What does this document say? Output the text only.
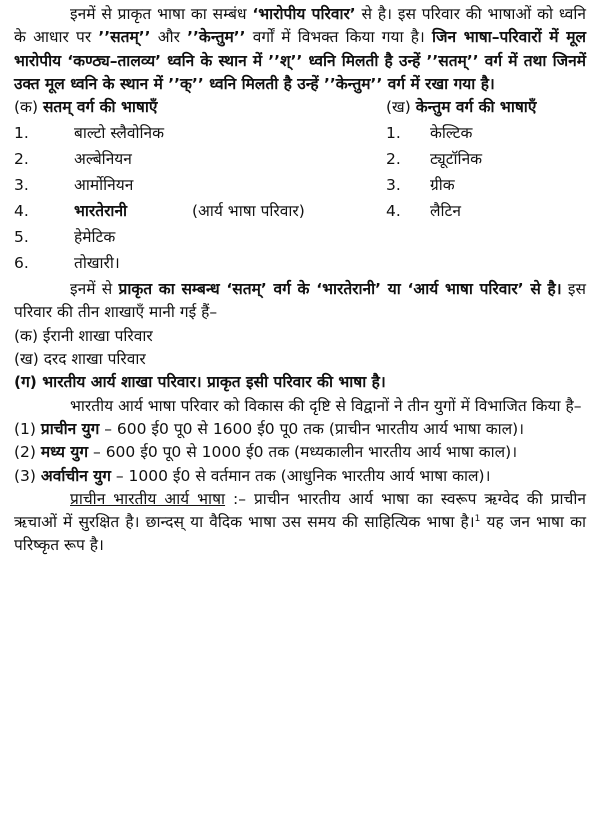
इनमें से प्राकृत भाषा का सम्बंध ‘भारोपीय परिवार’ से है। इस परिवार की भाषाओं को ध्वनि के आधार पर ’’सतम्’’ और ’’केन्तुम’’ वर्गों में विभक्त किया गया है। जिन भाषा–परिवारों में मूल भारोपीय ‘कण्ठ्य–तालव्य’ ध्वनि के स्थान में ’’श्’’ ध्वनि मिलती है उन्हें ’’सतम्’’ वर्ग में तथा जिनमें उक्त मूल ध्वनि के स्थान में ’’क्’’ ध्वनि मिलती है उन्हें ’’केन्तुम’’ वर्ग में रखा गया है।

(क) सतम् वर्ग की भाषाएँ	(ख) केन्तुम वर्ग की भाषाएँ
1.	बाल्टो स्लैवोनिक	1.	केल्टिक
2.	अल्बेनियन	2.	ट्यूटॉनिक
3.	आर्मोनियन	3.	ग्रीक
4.	भारतेरानी	(आर्य भाषा परिवार)	4.	लैटिन
5.	हेमेटिक
6.	तोखारी।

इनमें से प्राकृत का सम्बन्ध ‘सतम्’ वर्ग के ‘भारतेरानी’ या ‘आर्य भाषा परिवार’ से है। इस परिवार की तीन शाखाएँ मानी गई हैं–

(क) ईरानी शाखा परिवार
(ख) दरद शाखा परिवार
(ग) भारतीय आर्य शाखा परिवार। प्राकृत इसी परिवार की भाषा है।

भारतीय आर्य भाषा परिवार को विकास की दृष्टि से विद्वानों ने तीन युगों में विभाजित किया है–

(1) प्राचीन युग – 600 ई0 पू0 से 1600 ई0 पू0 तक (प्राचीन भारतीय आर्य भाषा काल)।

(2) मध्य युग – 600 ई0 पू0 से 1000 ई0 तक (मध्यकालीन भारतीय आर्य भाषा काल)।

(3) अर्वाचीन युग – 1000 ई0 से वर्तमान तक (आधुनिक भारतीय आर्य भाषा काल)।

प्राचीन भारतीय आर्य भाषा :– प्राचीन भारतीय आर्य भाषा का स्वरूप ऋग्वेद की प्राचीन ऋचाओं में सुरक्षित है। छान्दस् या वैदिक भाषा उस समय की साहित्यिक भाषा है।$^1$ यह जन भाषा का परिष्कृत रूप है।
